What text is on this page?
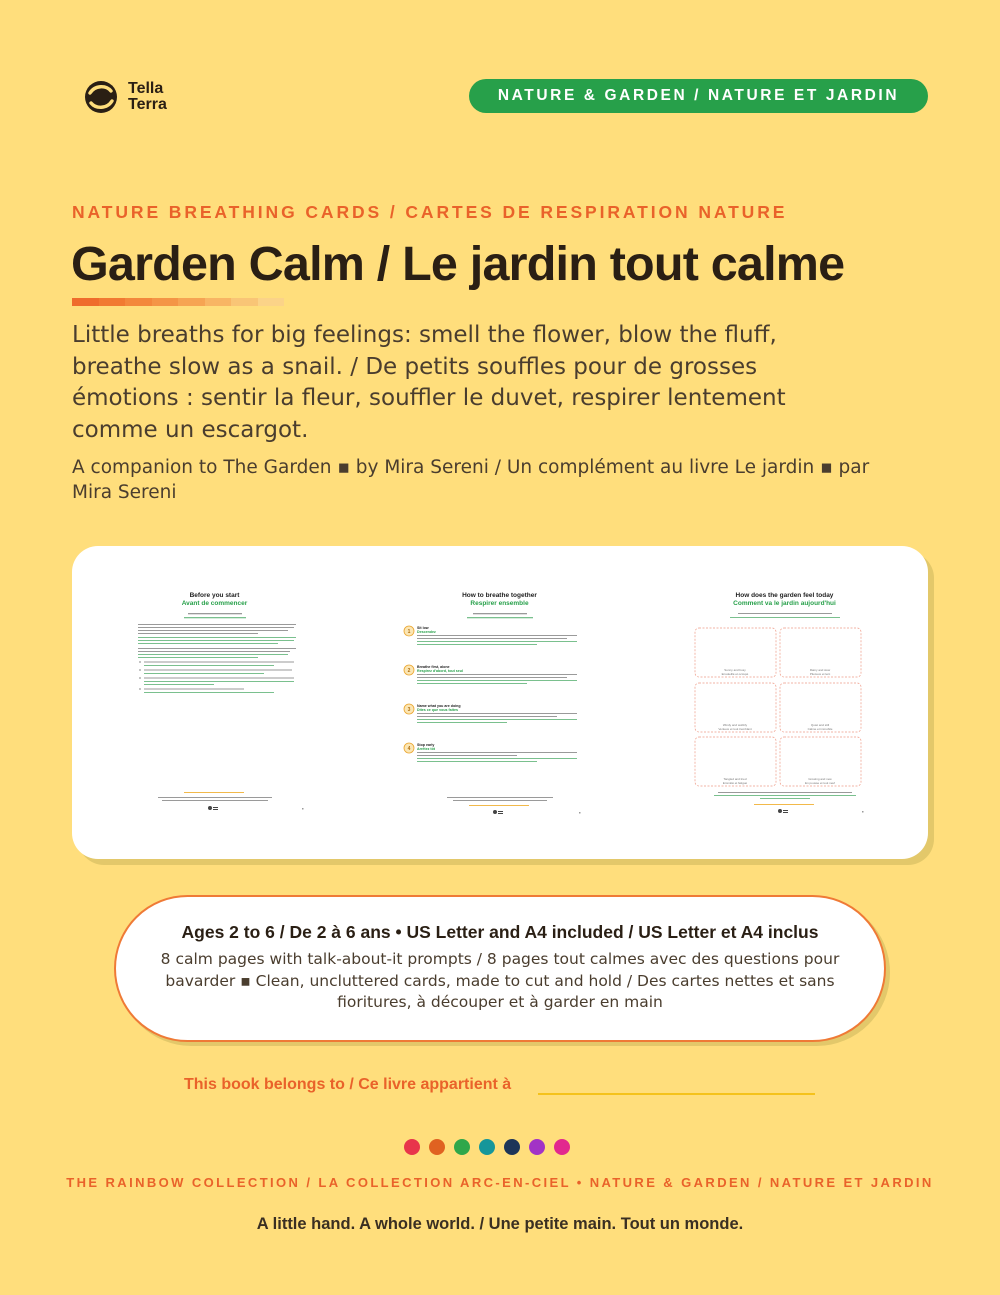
Tella
Terra
NATURE & GARDEN / NATURE ET JARDIN
NATURE BREATHING CARDS / CARTES DE RESPIRATION NATURE
Garden Calm / Le jardin tout calme
Little breaths for big feelings: smell the flower, blow the fluff, breathe slow as a snail. / De petits souffles pour de grosses émotions : sentir la fleur, souffler le duvet, respirer lentement comme un escargot.
A companion to The Garden ▪ by Mira Sereni / Un complément au livre Le jardin ▪ par Mira Sereni
Before you start
Avant de commencer
How to breathe together
Respirer ensemble
1
2
3
4
Sit low
Descendez
Breathe first, alone
Respirez d'abord, tout seul
Name what you are doing
Dites ce que vous faites
Stop early
Arrêtez tôt
How does the garden feel today
Comment va le jardin aujourd'hui
Sunny and busy
Ensoleillé et occupé
Rainy and slow
Pluvieux et lent
Windy and wobbly
Venteux et tout tremblant
Quiet and still
Calme et immobile
Tangled and tired
Emmêlé et fatigué
Growing and new
En pousse et tout neuf
Ages 2 to 6 / De 2 à 6 ans • US Letter and A4 included / US Letter et A4 inclus
8 calm pages with talk-about-it prompts / 8 pages tout calmes avec des questions pour bavarder ▪ Clean, uncluttered cards, made to cut and hold / Des cartes nettes et sans fioritures, à découper et à garder en main
This book belongs to / Ce livre appartient à
THE RAINBOW COLLECTION / LA COLLECTION ARC-EN-CIEL • NATURE & GARDEN / NATURE ET JARDIN
A little hand. A whole world. / Une petite main. Tout un monde.
